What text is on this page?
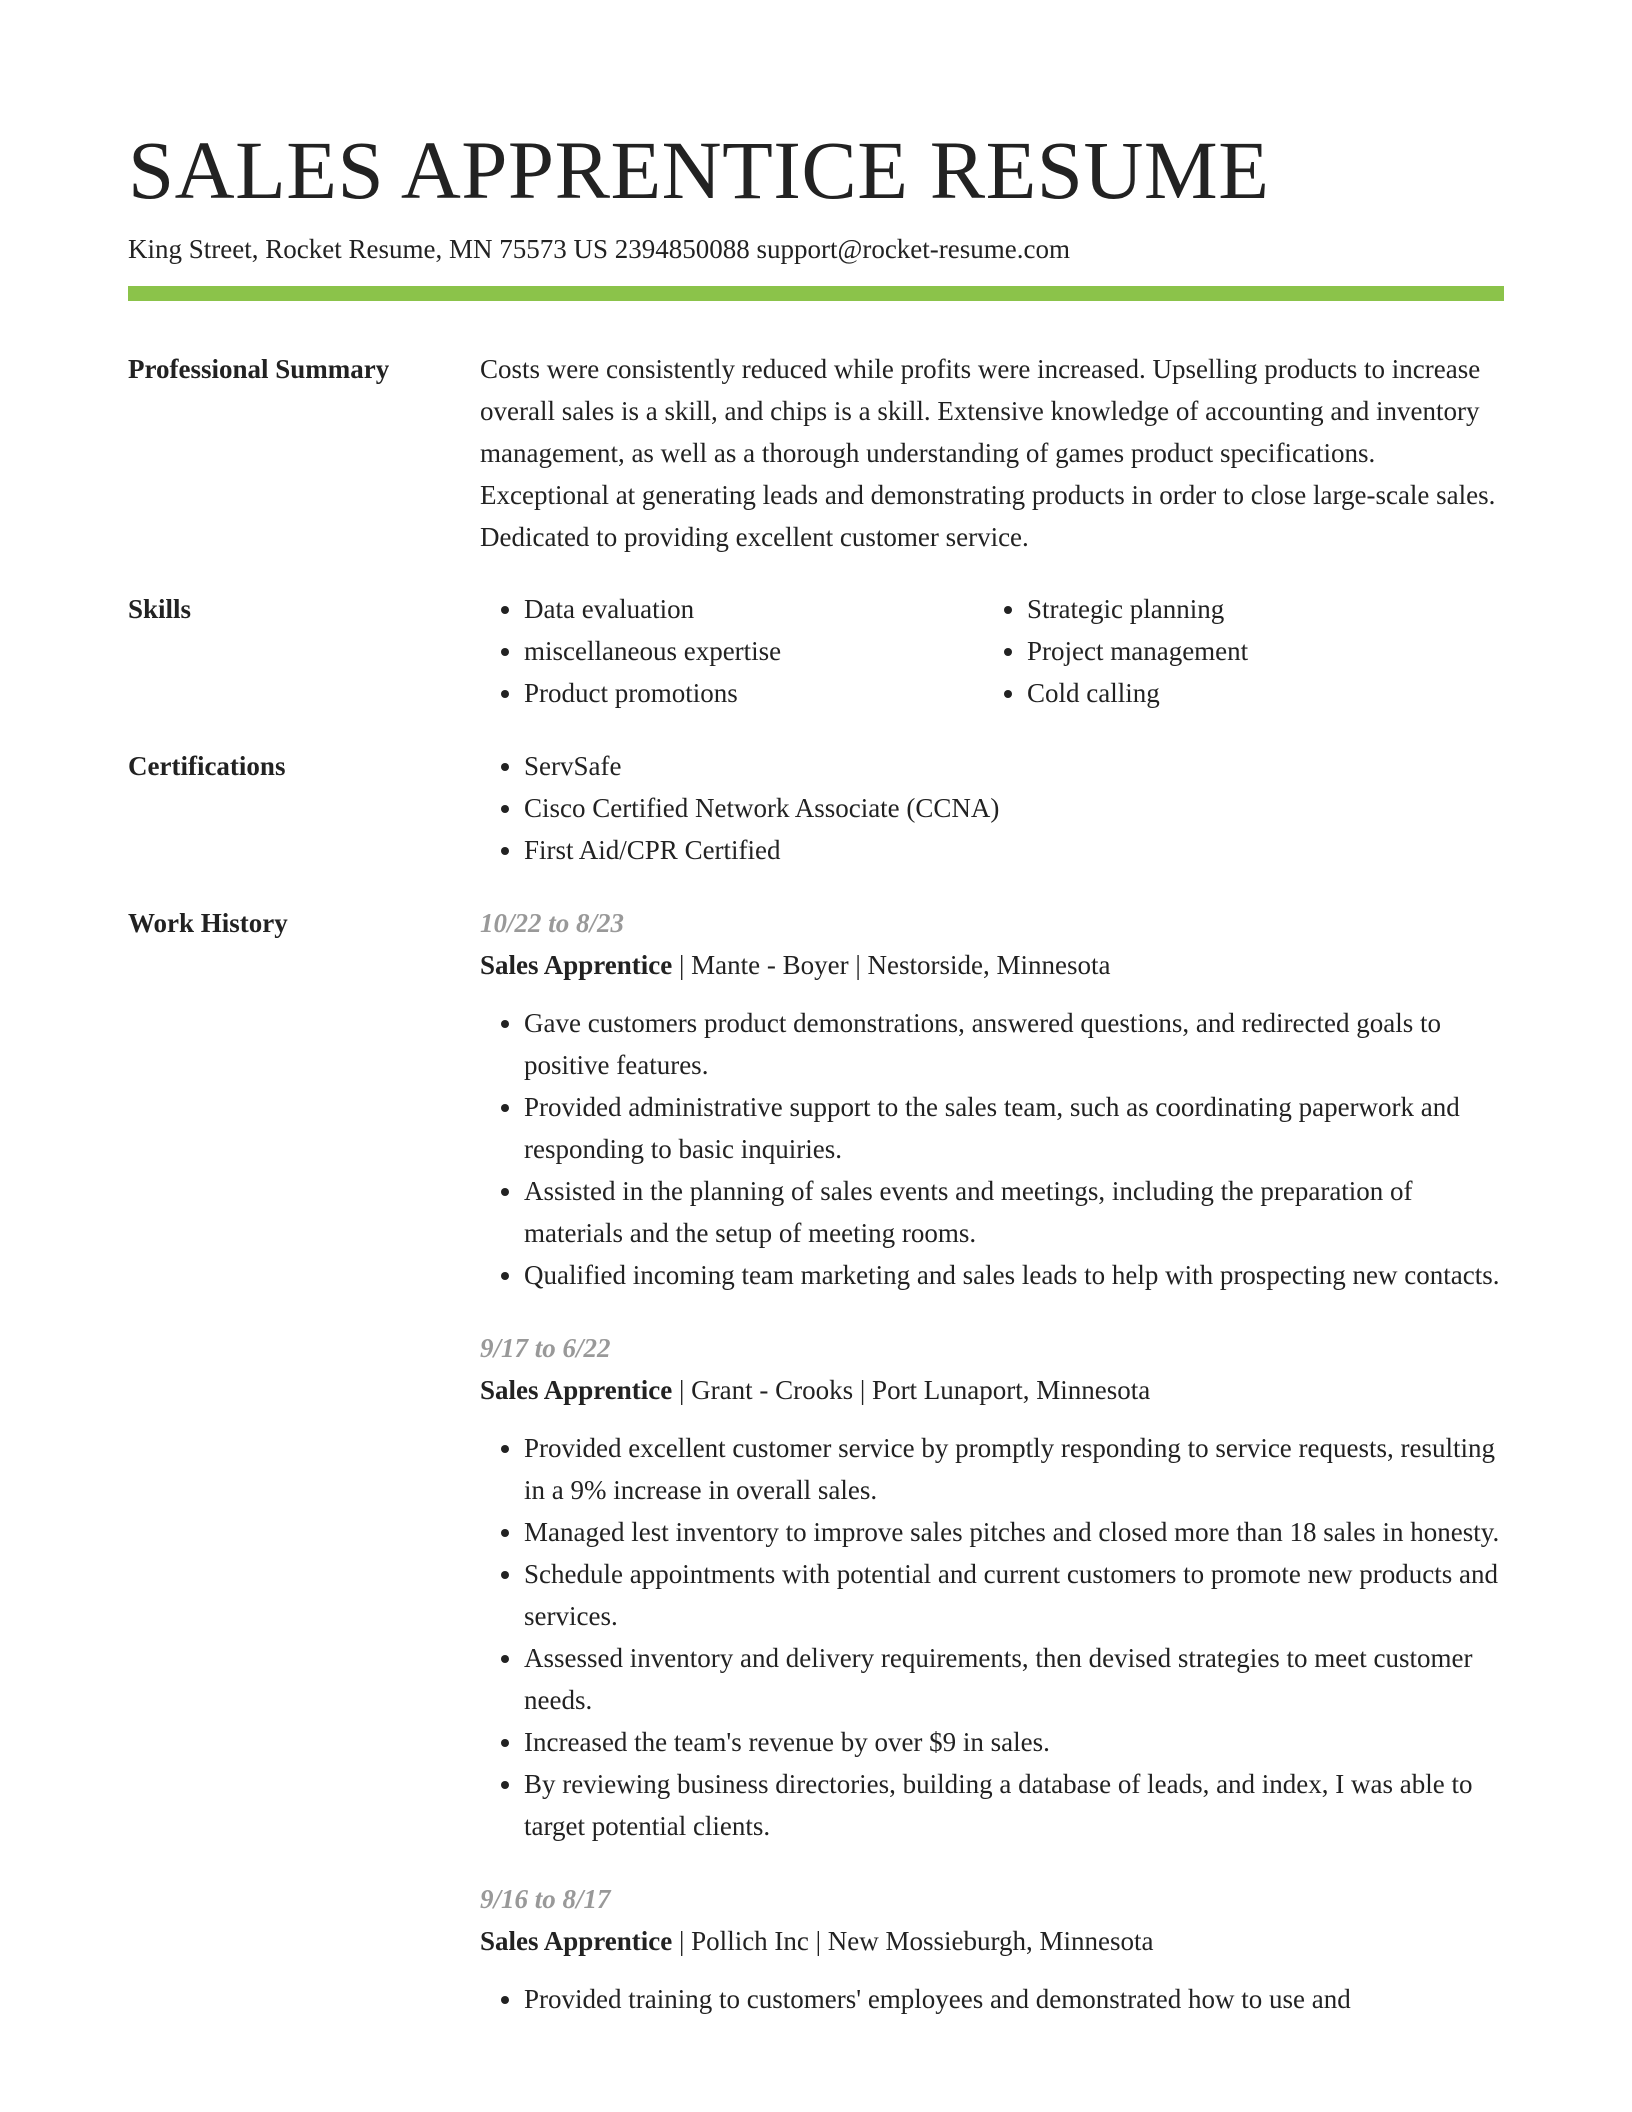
SALES APPRENTICE RESUME
King Street, Rocket Resume, MN 75573 US 2394850088 support@rocket-resume.com
Professional Summary	Costs were consistently reduced while profits were increased. Upselling products to increase overall sales is a skill, and chips is a skill. Extensive knowledge of accounting and inventory management, as well as a thorough understanding of games product specifications. Exceptional at generating leads and demonstrating products in order to close large-scale sales. Dedicated to providing excellent customer service.

Skills	• Data evaluation
• miscellaneous expertise
• Product promotions
• Strategic planning
• Project management
• Cold calling
Certifications	• ServSafe
• Cisco Certified Network Associate (CCNA)
• First Aid/CPR Certified
Work History	10/22 to 8/23
Sales Apprentice | Mante - Boyer | Nestorside, Minnesota
• Gave customers product demonstrations, answered questions, and redirected goals to positive features.
• Provided administrative support to the sales team, such as coordinating paperwork and responding to basic inquiries.
• Assisted in the planning of sales events and meetings, including the preparation of materials and the setup of meeting rooms.
• Qualified incoming team marketing and sales leads to help with prospecting new contacts.
9/17 to 6/22
Sales Apprentice | Grant - Crooks | Port Lunaport, Minnesota
• Provided excellent customer service by promptly responding to service requests, resulting in a 9% increase in overall sales.
• Managed lest inventory to improve sales pitches and closed more than 18 sales in honesty.
• Schedule appointments with potential and current customers to promote new products and services.
• Assessed inventory and delivery requirements, then devised strategies to meet customer needs.
• Increased the team's revenue by over $9 in sales.
• By reviewing business directories, building a database of leads, and index, I was able to target potential clients.
9/16 to 8/17
Sales Apprentice | Pollich Inc | New Mossieburgh, Minnesota
• Provided training to customers' employees and demonstrated how to use and
